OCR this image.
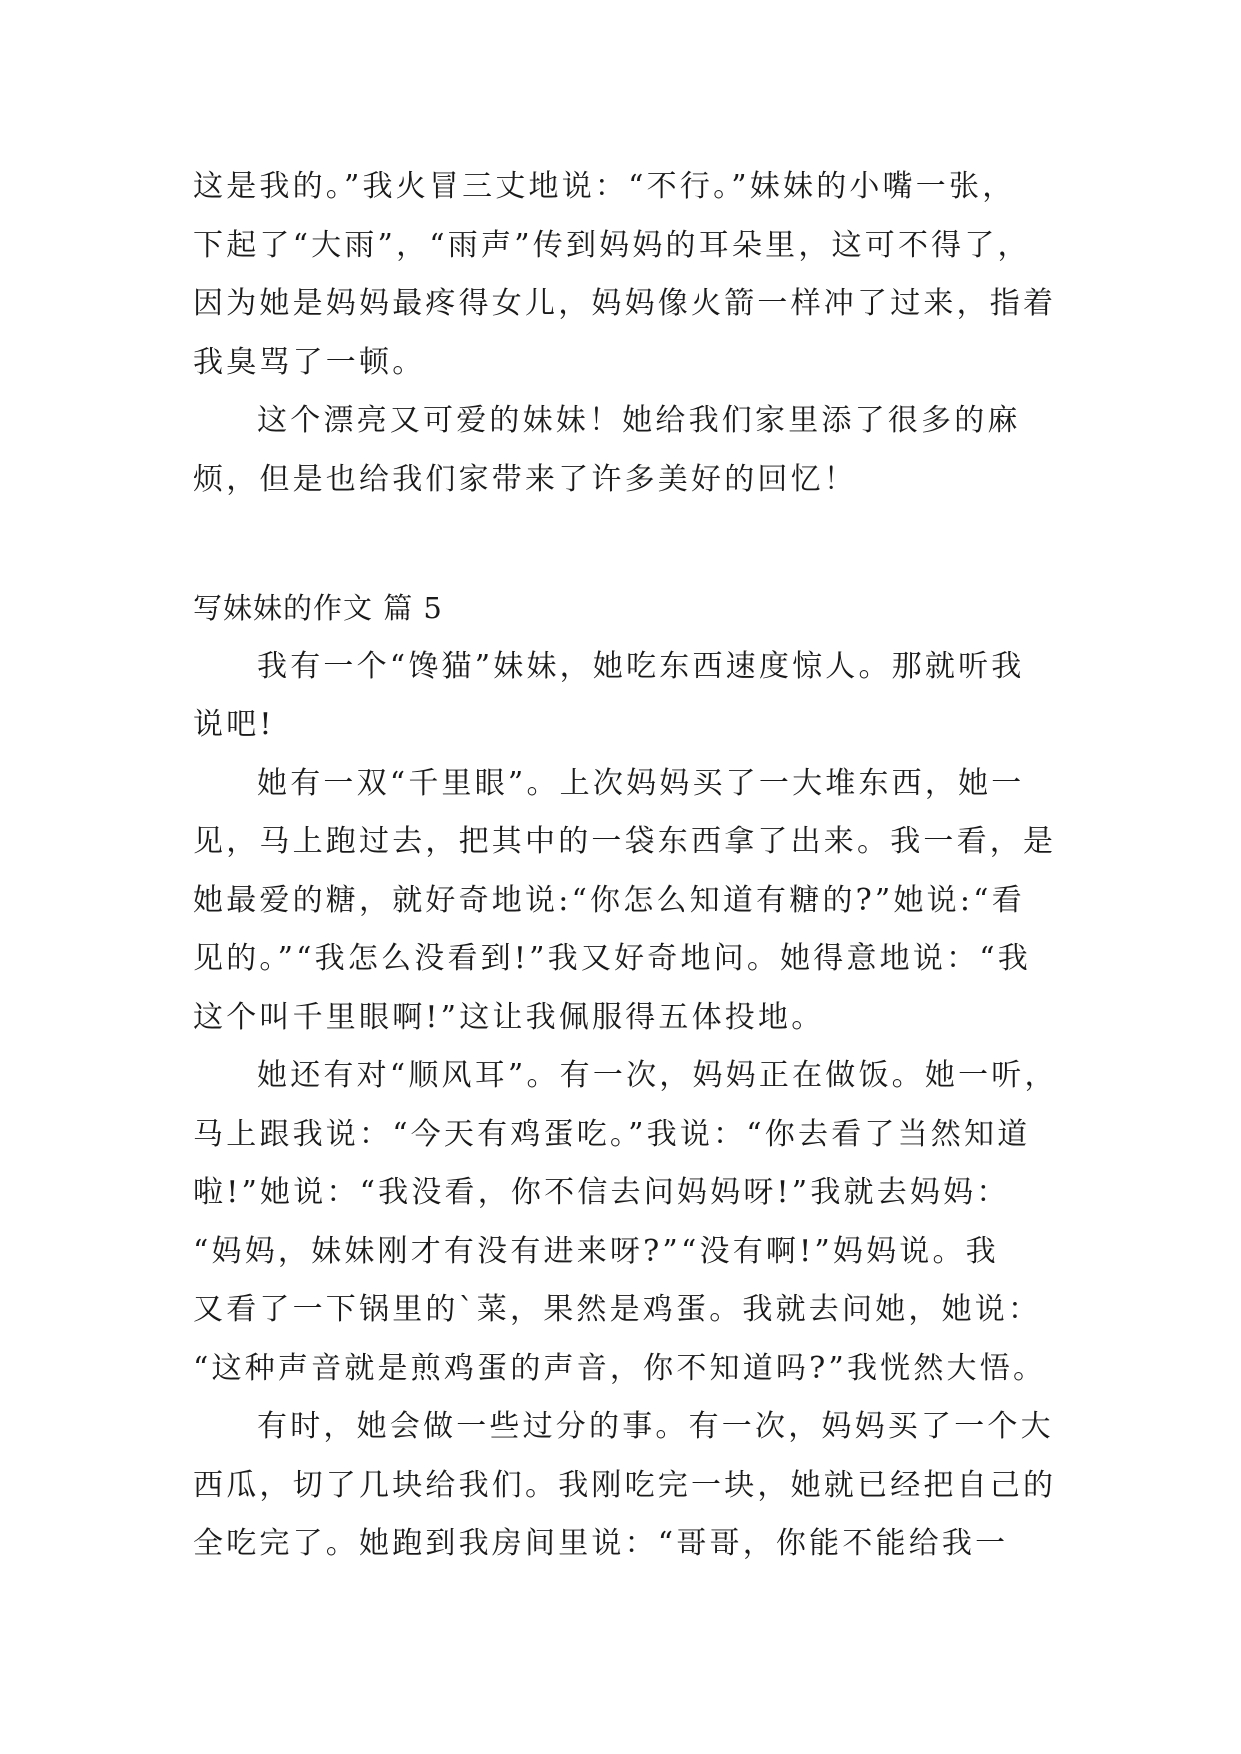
这是我的。”我火冒三丈地说：“不行。”妹妹的小嘴一张，
下起了“大雨”，“雨声”传到妈妈的耳朵里，这可不得了，
因为她是妈妈最疼得女儿，妈妈像火箭一样冲了过来，指着
我臭骂了一顿。
这个漂亮又可爱的妹妹！她给我们家里添了很多的麻
烦，但是也给我们家带来了许多美好的回忆！
写妹妹的作文 篇 5
我有一个“馋猫”妹妹，她吃东西速度惊人。那就听我
说吧!
她有一双“千里眼”。上次妈妈买了一大堆东西，她一
见，马上跑过去，把其中的一袋东西拿了出来。我一看，是
她最爱的糖，就好奇地说:“你怎么知道有糖的?”她说:“看
见的。”“我怎么没看到!”我又好奇地问。她得意地说：“我
这个叫千里眼啊!”这让我佩服得五体投地。
她还有对“顺风耳”。有一次，妈妈正在做饭。她一听，
马上跟我说：“今天有鸡蛋吃。”我说：“你去看了当然知道
啦!”她说：“我没看，你不信去问妈妈呀!”我就去妈妈：
“妈妈，妹妹刚才有没有进来呀?”“没有啊!”妈妈说。我
又看了一下锅里的`菜，果然是鸡蛋。我就去问她，她说：
“这种声音就是煎鸡蛋的声音，你不知道吗?”我恍然大悟。
有时，她会做一些过分的事。有一次，妈妈买了一个大
西瓜，切了几块给我们。我刚吃完一块，她就已经把自己的
全吃完了。她跑到我房间里说：“哥哥，你能不能给我一
